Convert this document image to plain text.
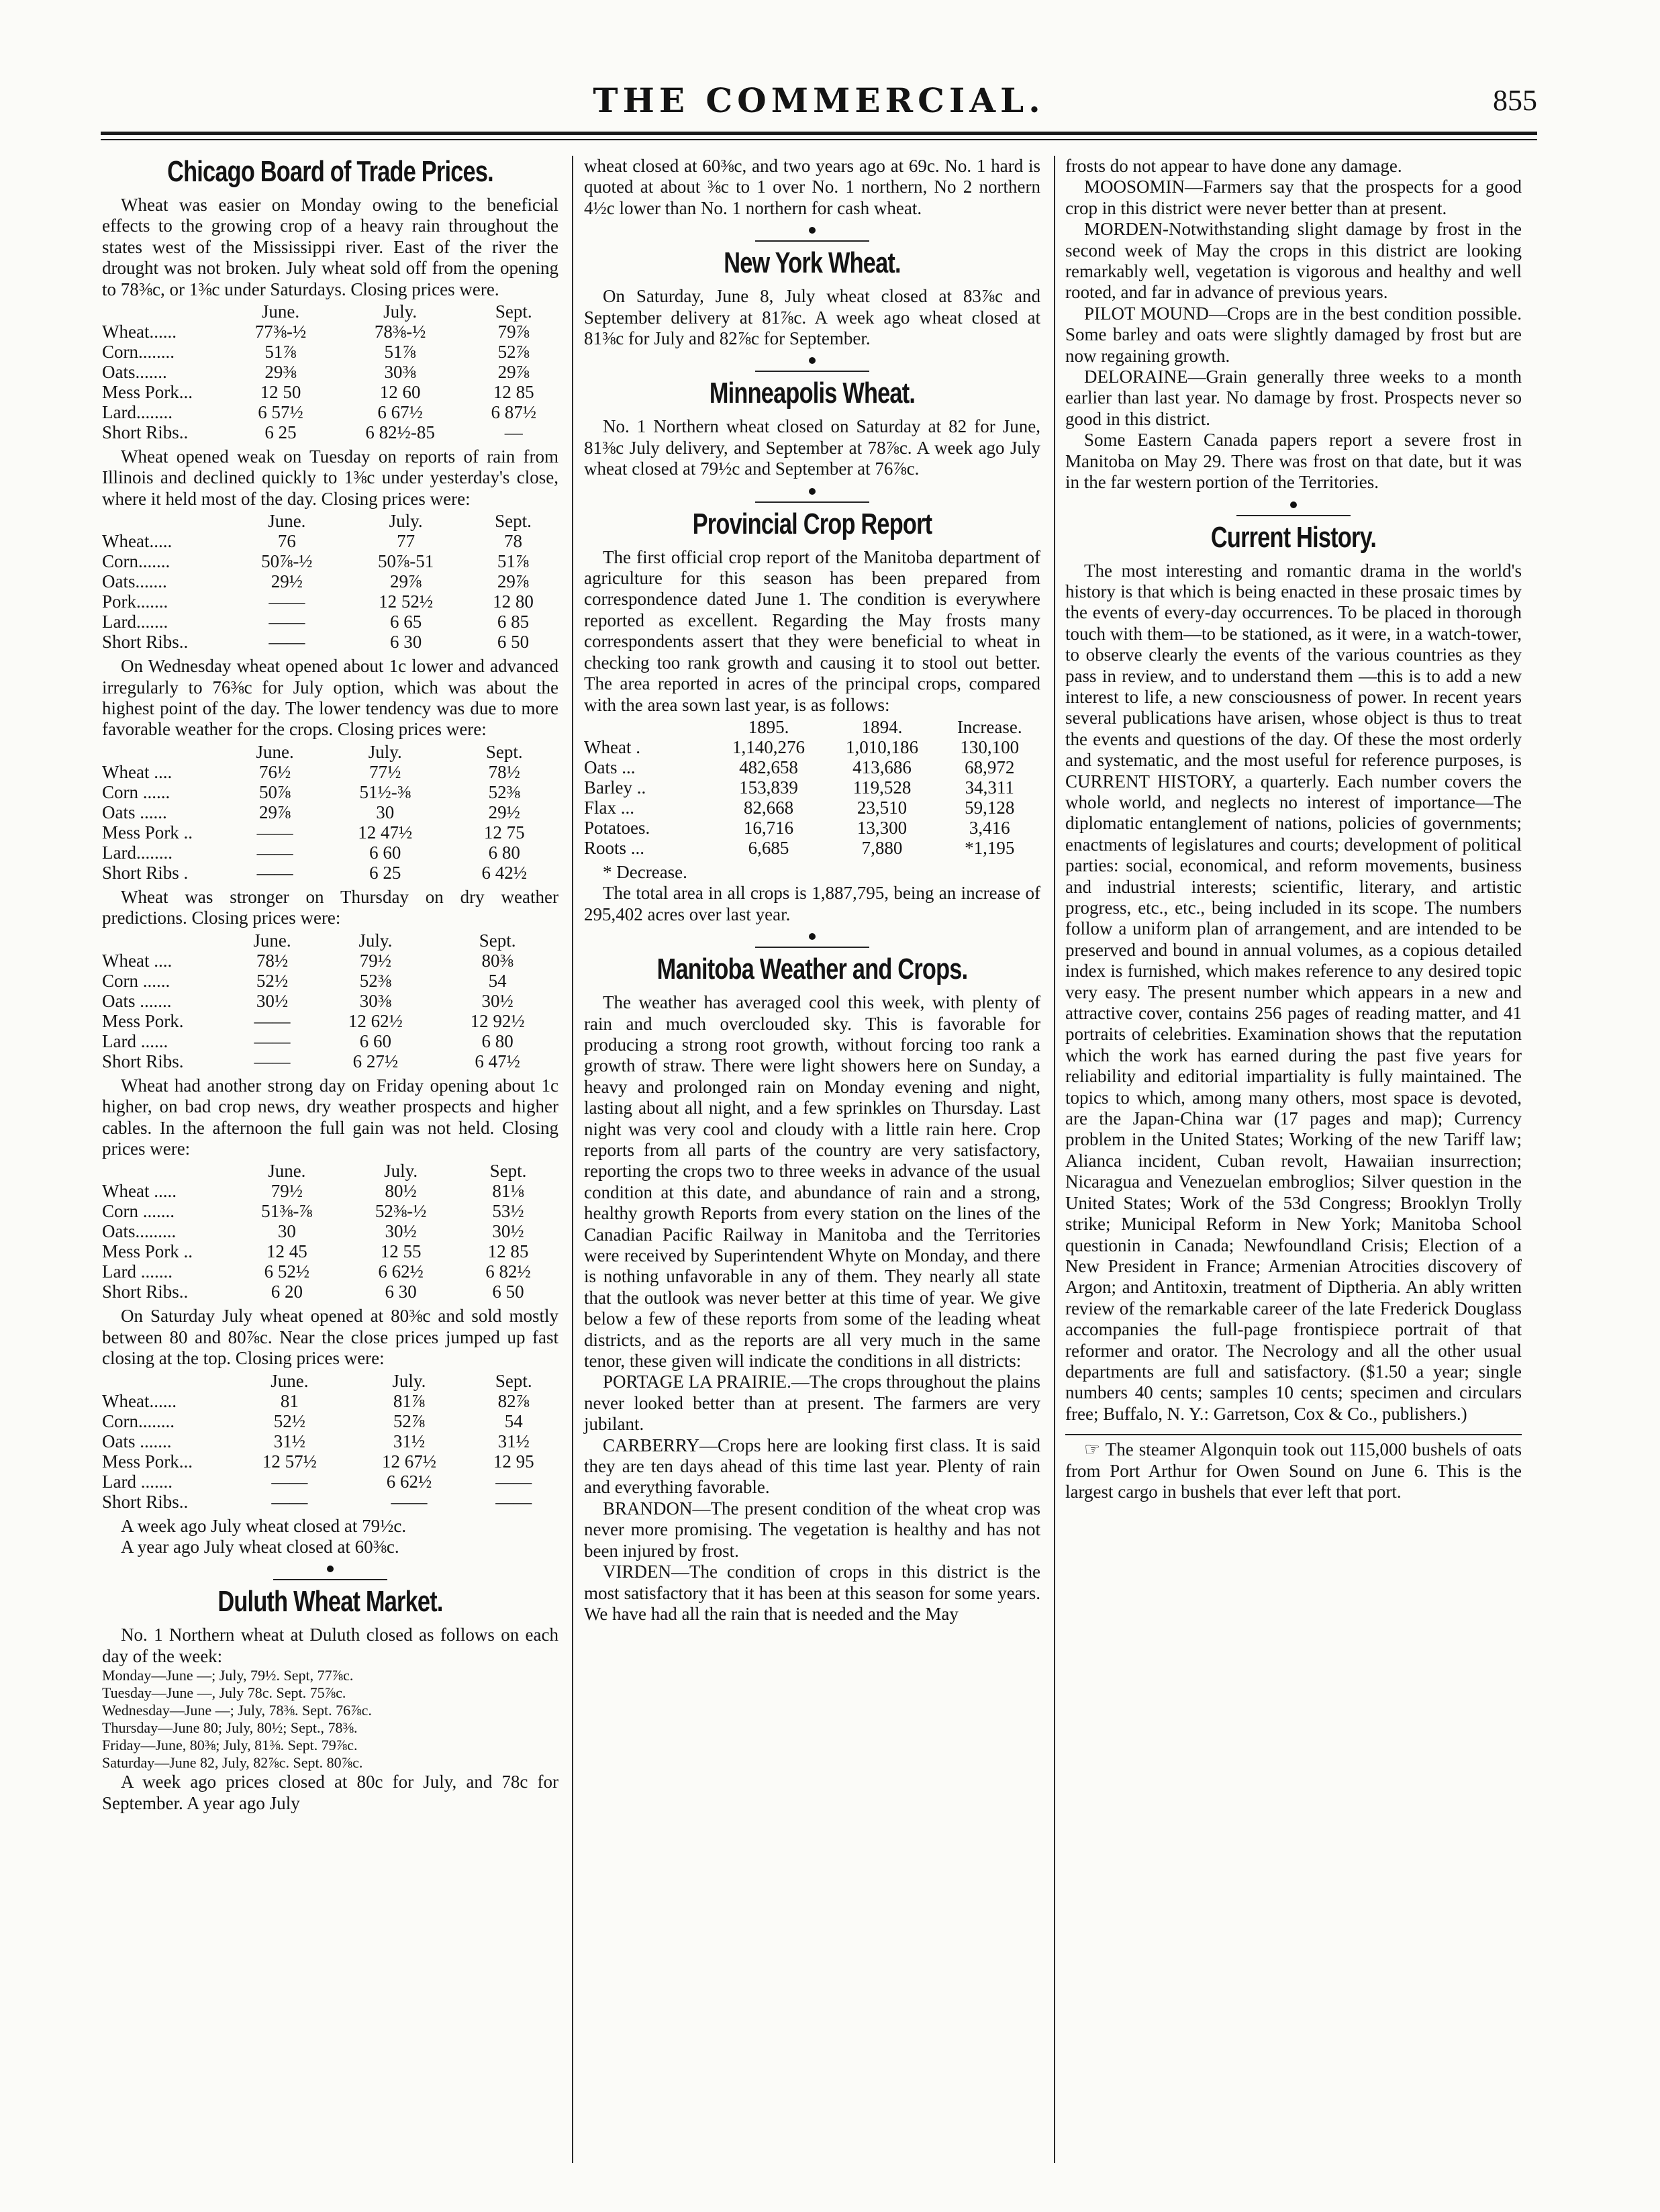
THE COMMERCIAL.	855
Chicago Board of Trade Prices.

Wheat was easier on Monday owing to the beneficial effects to the growing crop of a heavy rain throughout the states west of the Mississippi river. East of the river the drought was not broken. July wheat sold off from the opening to 78⅜c, or 1⅜c under Saturdays. Closing prices were.

	June.	July.	Sept.
Wheat......	77⅜-½	78⅜-½	79⅞
Corn........	51⅞	51⅞	52⅞
Oats.......	29⅜	30⅜	29⅞
Mess Pork...	12 50	12 60	12 85
Lard........	6 57½	6 67½	6 87½
Short Ribs..	6 25	6 82½-85	—

Wheat opened weak on Tuesday on reports of rain from Illinois and declined quickly to 1⅜c under yesterday's close, where it held most of the day. Closing prices were:

	June.	July.	Sept.
Wheat.....	76	77	78
Corn.......	50⅞-½	50⅞-51	51⅞
Oats.......	29½	29⅞	29⅞
Pork.......	——	12 52½	12 80
Lard.......	——	6 65	6 85
Short Ribs..	——	6 30	6 50

On Wednesday wheat opened about 1c lower and advanced irregularly to 76⅜c for July option, which was about the highest point of the day. The lower tendency was due to more favorable weather for the crops. Closing prices were:

	June.	July.	Sept.
Wheat ....	76½	77½	78½
Corn ......	50⅞	51½-⅜	52⅜
Oats ......	29⅞	30	29½
Mess Pork ..	——	12 47½	12 75
Lard........	——	6 60	6 80
Short Ribs .	——	6 25	6 42½

Wheat was stronger on Thursday on dry weather predictions. Closing prices were:

	June.	July.	Sept.
Wheat ....	78½	79½	80⅜
Corn ......	52½	52⅜	54
Oats .......	30½	30⅜	30½
Mess Pork.	——	12 62½	12 92½
Lard ......	——	6 60	6 80
Short Ribs.	——	6 27½	6 47½

Wheat had another strong day on Friday opening about 1c higher, on bad crop news, dry weather prospects and higher cables. In the afternoon the full gain was not held. Closing prices were:

	June.	July.	Sept.
Wheat .....	79½	80½	81⅛
Corn .......	51⅜-⅞	52⅜-½	53½
Oats.........	30	30½	30½
Mess Pork ..	12 45	12 55	12 85
Lard .......	6 52½	6 62½	6 82½
Short Ribs..	6 20	6 30	6 50

On Saturday July wheat opened at 80⅜c and sold mostly between 80 and 80⅞c. Near the close prices jumped up fast closing at the top. Closing prices were:

	June.	July.	Sept.
Wheat......	81	81⅞	82⅞
Corn........	52½	52⅞	54
Oats .......	31½	31½	31½
Mess Pork...	12 57½	12 67½	12 95
Lard .......	——	6 62½	——
Short Ribs..	——	——	——

A week ago July wheat closed at 79½c.

A year ago July wheat closed at 60⅜c.

Duluth Wheat Market.

No. 1 Northern wheat at Duluth closed as follows on each day of the week:

Monday—June —; July, 79½. Sept, 77⅞c.
Tuesday—June —, July 78c. Sept. 75⅞c.
Wednesday—June —; July, 78⅜. Sept. 76⅞c.
Thursday—June 80; July, 80½; Sept., 78⅜.
Friday—June, 80⅜; July, 81⅜. Sept. 79⅞c.
Saturday—June 82, July, 82⅞c. Sept. 80⅞c.

A week ago prices closed at 80c for July, and 78c for September. A year ago July

wheat closed at 60⅜c, and two years ago at 69c. No. 1 hard is quoted at about ⅜c to 1 over No. 1 northern, No 2 northern 4½c lower than No. 1 northern for cash wheat.

New York Wheat.

On Saturday, June 8, July wheat closed at 83⅞c and September delivery at 81⅞c. A week ago wheat closed at 81⅜c for July and 82⅞c for September.

Minneapolis Wheat.

No. 1 Northern wheat closed on Saturday at 82 for June, 81⅜c July delivery, and September at 78⅞c. A week ago July wheat closed at 79½c and September at 76⅞c.

Provincial Crop Report

The first official crop report of the Manitoba department of agriculture for this season has been prepared from correspondence dated June 1. The condition is everywhere reported as excellent. Regarding the May frosts many correspondents assert that they were beneficial to wheat in checking too rank growth and causing it to stool out better. The area reported in acres of the principal crops, compared with the area sown last year, is as follows:

	1895.	1894.	Increase.
Wheat .	1,140,276	1,010,186	130,100
Oats ...	482,658	413,686	68,972
Barley ..	153,839	119,528	34,311
Flax ...	82,668	23,510	59,128
Potatoes.	16,716	13,300	3,416
Roots ...	6,685	7,880	*1,195

* Decrease.

The total area in all crops is 1,887,795, being an increase of 295,402 acres over last year.

Manitoba Weather and Crops.

The weather has averaged cool this week, with plenty of rain and much overclouded sky. This is favorable for producing a strong root growth, without forcing too rank a growth of straw. There were light showers here on Sunday, a heavy and prolonged rain on Monday evening and night, lasting about all night, and a few sprinkles on Thursday. Last night was very cool and cloudy with a little rain here. Crop reports from all parts of the country are very satisfactory, reporting the crops two to three weeks in advance of the usual condition at this date, and abundance of rain and a strong, healthy growth Reports from every station on the lines of the Canadian Pacific Railway in Manitoba and the Territories were received by Superintendent Whyte on Monday, and there is nothing unfavorable in any of them. They nearly all state that the outlook was never better at this time of year. We give below a few of these reports from some of the leading wheat districts, and as the reports are all very much in the same tenor, these given will indicate the conditions in all districts:

PORTAGE LA PRAIRIE.—The crops throughout the plains never looked better than at present. The farmers are very jubilant.

CARBERRY—Crops here are looking first class. It is said they are ten days ahead of this time last year. Plenty of rain and everything favorable.

BRANDON—The present condition of the wheat crop was never more promising. The vegetation is healthy and has not been injured by frost.

VIRDEN—The condition of crops in this district is the most satisfactory that it has been at this season for some years. We have had all the rain that is needed and the May

frosts do not appear to have done any damage.

MOOSOMIN—Farmers say that the prospects for a good crop in this district were never better than at present.

MORDEN-Notwithstanding slight damage by frost in the second week of May the crops in this district are looking remarkably well, vegetation is vigorous and healthy and well rooted, and far in advance of previous years.

PILOT MOUND—Crops are in the best condition possible. Some barley and oats were slightly damaged by frost but are now regaining growth.

DELORAINE—Grain generally three weeks to a month earlier than last year. No damage by frost. Prospects never so good in this district.

Some Eastern Canada papers report a severe frost in Manitoba on May 29. There was frost on that date, but it was in the far western portion of the Territories.

Current History.

The most interesting and romantic drama in the world's history is that which is being enacted in these prosaic times by the events of every-day occurrences. To be placed in thorough touch with them—to be stationed, as it were, in a watch-tower, to observe clearly the events of the various countries as they pass in review, and to understand them —this is to add a new interest to life, a new consciousness of power. In recent years several publications have arisen, whose object is thus to treat the events and questions of the day. Of these the most orderly and systematic, and the most useful for reference purposes, is CURRENT HISTORY, a quarterly. Each number covers the whole world, and neglects no interest of importance—The diplomatic entanglement of nations, policies of governments; enactments of legislatures and courts; development of political parties: social, economical, and reform movements, business and industrial interests; scientific, literary, and artistic progress, etc., etc., being included in its scope. The numbers follow a uniform plan of arrangement, and are intended to be preserved and bound in annual volumes, as a copious detailed index is furnished, which makes reference to any desired topic very easy. The present number which appears in a new and attractive cover, contains 256 pages of reading matter, and 41 portraits of celebrities. Examination shows that the reputation which the work has earned during the past five years for reliability and editorial impartiality is fully maintained. The topics to which, among many others, most space is devoted, are the Japan-China war (17 pages and map); Currency problem in the United States; Working of the new Tariff law; Alianca incident, Cuban revolt, Hawaiian insurrection; Nicaragua and Venezuelan embroglios; Silver question in the United States; Work of the 53d Congress; Brooklyn Trolly strike; Municipal Reform in New York; Manitoba School questionin in Canada; Newfoundland Crisis; Election of a New President in France; Armenian Atrocities discovery of Argon; and Antitoxin, treatment of Diptheria. An ably written review of the remarkable career of the late Frederick Douglass accompanies the full-page frontispiece portrait of that reformer and orator. The Necrology and all the other usual departments are full and satisfactory. ($1.50 a year; single numbers 40 cents; samples 10 cents; specimen and circulars free; Buffalo, N. Y.: Garretson, Cox & Co., publishers.)

☞ The steamer Algonquin took out 115,000 bushels of oats from Port Arthur for Owen Sound on June 6. This is the largest cargo in bushels that ever left that port.
